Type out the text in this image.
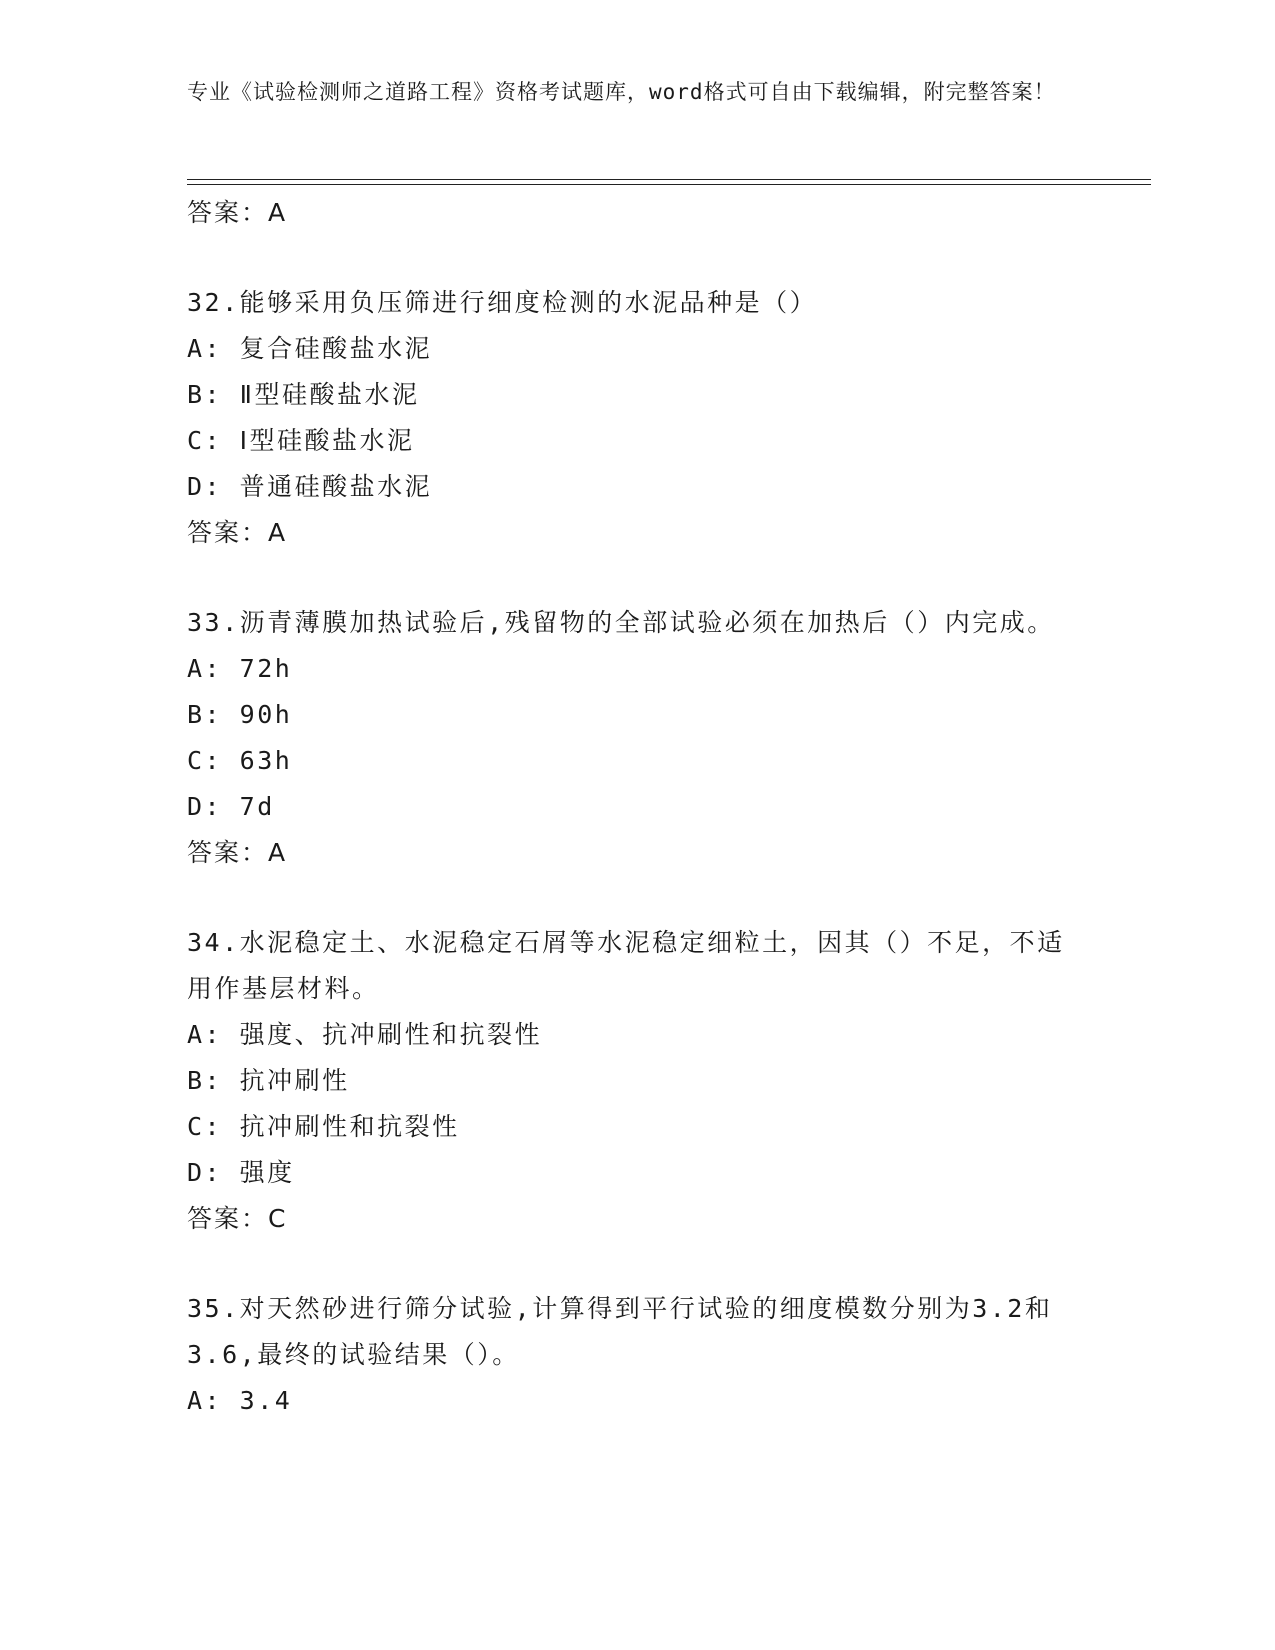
专业《试验检测师之道路工程》资格考试题库，word格式可自由下载编辑，附完整答案！
答案：A
32.能够采用负压筛进行细度检测的水泥品种是（）
A: 复合硅酸盐水泥
B: Ⅱ型硅酸盐水泥
C: Ⅰ型硅酸盐水泥
D: 普通硅酸盐水泥
答案：A
33.沥青薄膜加热试验后,残留物的全部试验必须在加热后（）内完成。
A: 72h
B: 90h
C: 63h
D: 7d
答案：A
34.水泥稳定土、水泥稳定石屑等水泥稳定细粒土，因其（）不足，不适用作基层材料。
A: 强度、抗冲刷性和抗裂性
B: 抗冲刷性
C: 抗冲刷性和抗裂性
D: 强度
答案：C
35.对天然砂进行筛分试验,计算得到平行试验的细度模数分别为3.2和3.6,最终的试验结果（）。
A: 3.4
